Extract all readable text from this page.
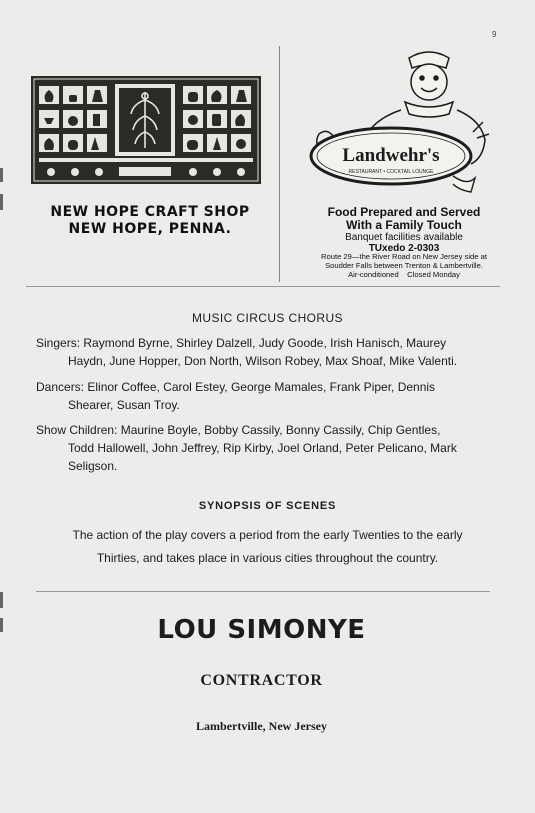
9
NEW HOPE CRAFT SHOP
NEW HOPE, PENNA.
Landwehr's
RESTAURANT • COCKTAIL LOUNGE
Food Prepared and Served
With a Family Touch
Banquet facilities available
TUxedo 2-0303
Route 29—the River Road on New Jersey side at
Soudder Falls between Trenton & Lambertville.
Air-conditioned    Closed Monday
MUSIC CIRCUS CHORUS
Singers: Raymond Byrne, Shirley Dalzell, Judy Goode, Irish Hanisch, Maurey
Haydn, June Hopper, Don North, Wilson Robey, Max Shoaf, Mike Valenti.
Dancers: Elinor Coffee, Carol Estey, George Mamales, Frank Piper, Dennis
Shearer, Susan Troy.
Show Children: Maurine Boyle, Bobby Cassily, Bonny Cassily, Chip Gentles,
Todd Hallowell, John Jeffrey, Rip Kirby, Joel Orland, Peter Pelicano, Mark
Seligson.
SYNOPSIS OF SCENES
The action of the play covers a period from the early Twenties to the early
Thirties, and takes place in various cities throughout the country.
LOU SIMONYE
CONTRACTOR
Lambertville, New Jersey
